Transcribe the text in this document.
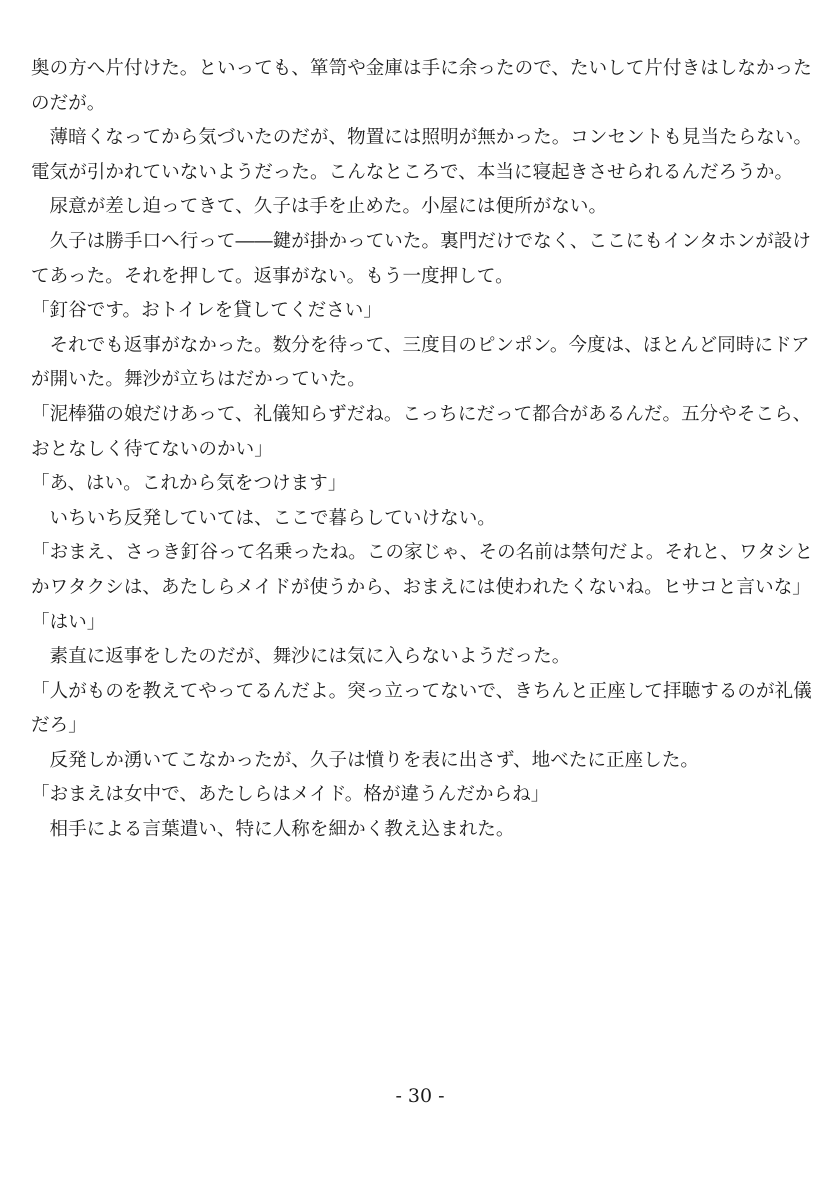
奥の方へ片付けた。といっても、箪笥や金庫は手に余ったので、たいして片付きはしなかったのだが。

薄暗くなってから気づいたのだが、物置には照明が無かった。コンセントも見当たらない。電気が引かれていないようだった。こんなところで、本当に寝起きさせられるんだろうか。

尿意が差し迫ってきて、久子は手を止めた。小屋には便所がない。

久子は勝手口へ行って――鍵が掛かっていた。裏門だけでなく、ここにもインタホンが設けてあった。それを押して。返事がない。もう一度押して。

「釘谷です。おトイレを貸してください」

それでも返事がなかった。数分を待って、三度目のピンポン。今度は、ほとんど同時にドアが開いた。舞沙が立ちはだかっていた。

「泥棒猫の娘だけあって、礼儀知らずだね。こっちにだって都合があるんだ。五分やそこら、おとなしく待てないのかい」

「あ、はい。これから気をつけます」

いちいち反発していては、ここで暮らしていけない。

「おまえ、さっき釘谷って名乗ったね。この家じゃ、その名前は禁句だよ。それと、ワタシとかワタクシは、あたしらメイドが使うから、おまえには使われたくないね。ヒサコと言いな」

「はい」

素直に返事をしたのだが、舞沙には気に入らないようだった。

「人がものを教えてやってるんだよ。突っ立ってないで、きちんと正座して拝聴するのが礼儀だろ」

反発しか湧いてこなかったが、久子は憤りを表に出さず、地べたに正座した。

「おまえは女中で、あたしらはメイド。格が違うんだからね」

相手による言葉遣い、特に人称を細かく教え込まれた。

- 30 -
